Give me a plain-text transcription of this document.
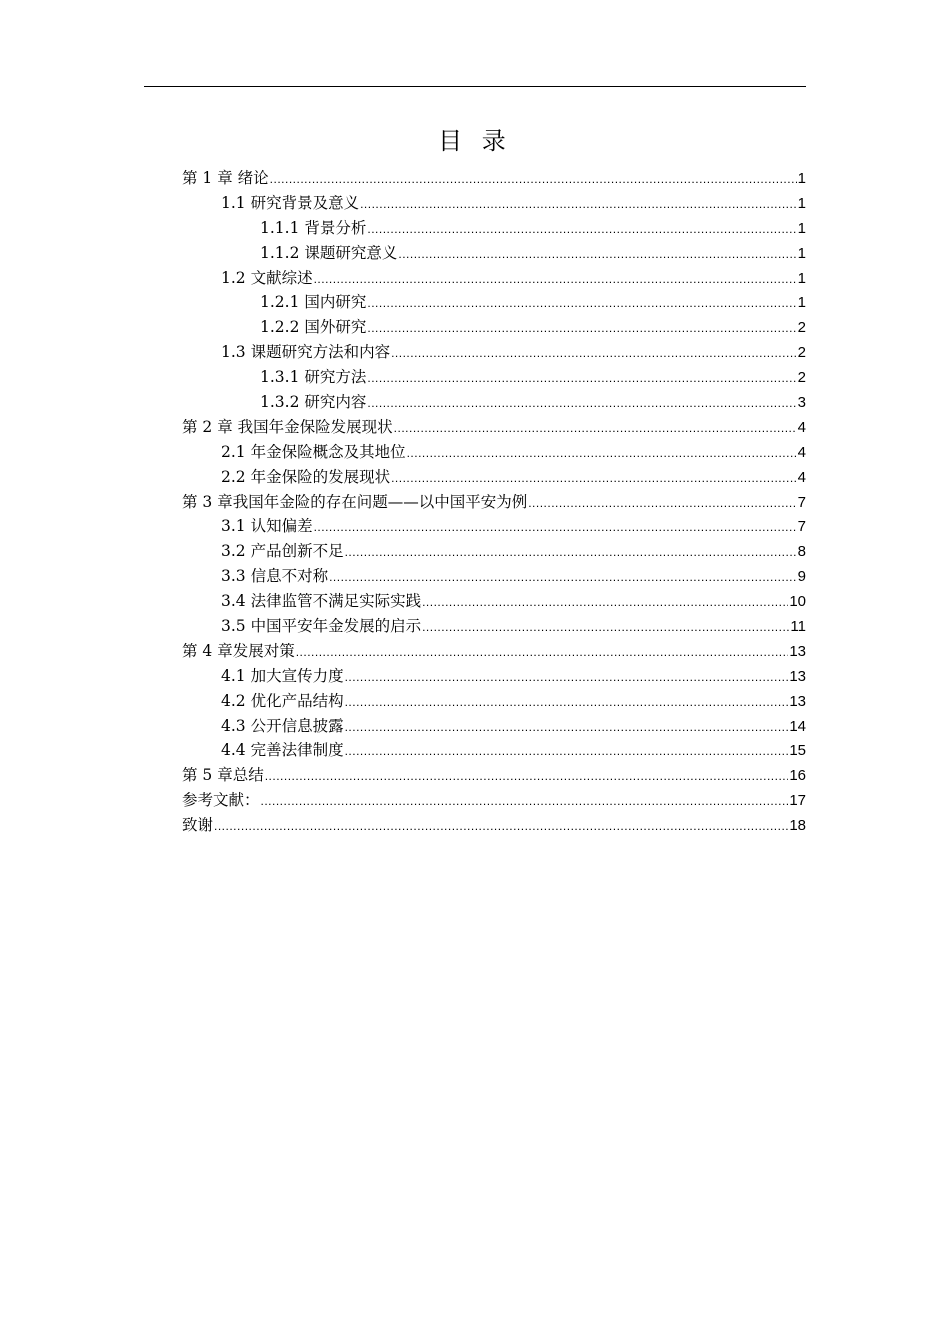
目 录
第 1 章 绪论 .....	1
1.1 研究背景及意义 .....	1
1.1.1 背景分析 .....	1
1.1.2 课题研究意义 .....	1
1.2 文献综述 .....	1
1.2.1 国内研究 .....	1
1.2.2 国外研究 .....	2
1.3 课题研究方法和内容 .....	2
1.3.1 研究方法 .....	2
1.3.2 研究内容 .....	3
第 2 章 我国年金保险发展现状 .....	4
2.1 年金保险概念及其地位 .....	4
2.2 年金保险的发展现状 .....	4
第 3 章我国年金险的存在问题——以中国平安为例 .....	7
3.1 认知偏差 .....	7
3.2 产品创新不足 .....	8
3.3 信息不对称 .....	9
3.4 法律监管不满足实际实践 .....	10
3.5 中国平安年金发展的启示 .....	11
第 4 章发展对策 .....	13
4.1 加大宣传力度 .....	13
4.2 优化产品结构 .....	13
4.3 公开信息披露 .....	14
4.4 完善法律制度 .....	15
第 5 章总结 .....	16
参考文献： .....	17
致谢 .....	18
